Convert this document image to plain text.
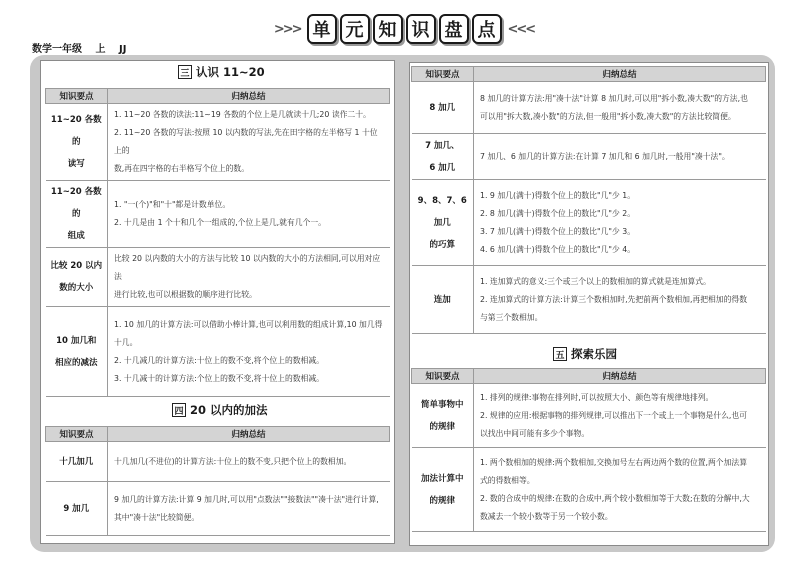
>>> 单 元 知 识 盘 点 <<<
数学一年级 上 JJ
三 认识 11~20
知识要点	归纳总结

11~20 各数的
读写	1. 11~20 各数的读法:11~19 各数的个位上是几就读十几;20 读作二十。
2. 11~20 各数的写法:按照 10 以内数的写法,先在田字格的左半格写 1 十位上的
数,再在四字格的右半格写个位上的数。

11~20 各数的
组成	1. "一(个)"和"十"都是计数单位。
2. 十几是由 1 个十和几个一组成的,个位上是几,就有几个一。

比较 20 以内
数的大小	比较 20 以内数的大小的方法与比较 10 以内数的大小的方法相同,可以用对应法
进行比较,也可以根据数的顺序进行比较。

10 加几和
相应的减法	1. 10 加几的计算方法:可以借助小棒计算,也可以利用数的组成计算,10 加几得
十几。
2. 十几减几的计算方法:十位上的数不变,将个位上的数相减。
3. 十几减十的计算方法:个位上的数不变,将十位上的数相减。
四 20 以内的加法
知识要点	归纳总结

十几加几	十几加几(不进位)的计算方法:十位上的数不变,只把个位上的数相加。

9 加几	9 加几的计算方法:计算 9 加几时,可以用"点数法""接数法""凑十法"进行计算,
其中"凑十法"比较简便。
知识要点	归纳总结

8 加几	8 加几的计算方法:用"凑十法"计算 8 加几时,可以用"拆小数,凑大数"的方法,也
可以用"拆大数,凑小数"的方法,但一般用"拆小数,凑大数"的方法比较简便。

7 加几、
6 加几	7 加几、6 加几的计算方法:在计算 7 加几和 6 加几时,一般用"凑十法"。

9、8、7、6 加几
的巧算	1. 9 加几(满十)得数个位上的数比"几"少 1。
2. 8 加几(满十)得数个位上的数比"几"少 2。
3. 7 加几(满十)得数个位上的数比"几"少 3。
4. 6 加几(满十)得数个位上的数比"几"少 4。

连加	1. 连加算式的意义:三个或三个以上的数相加的算式就是连加算式。
2. 连加算式的计算方法:计算三个数相加时,先把前两个数相加,再把相加的得数
与第三个数相加。
五 探索乐园
知识要点	归纳总结

简单事物中
的规律	1. 排列的规律:事物在排列时,可以按照大小、颜色等有规律地排列。
2. 规律的应用:根据事物的排列规律,可以推出下一个或上一个事物是什么,也可
以找出中间可能有多少个事物。

加法计算中
的规律	1. 两个数相加的规律:两个数相加,交换加号左右两边两个数的位置,两个加法算
式的得数相等。
2. 数的合成中的规律:在数的合成中,两个较小数相加等于大数;在数的分解中,大
数减去一个较小数等于另一个较小数。
